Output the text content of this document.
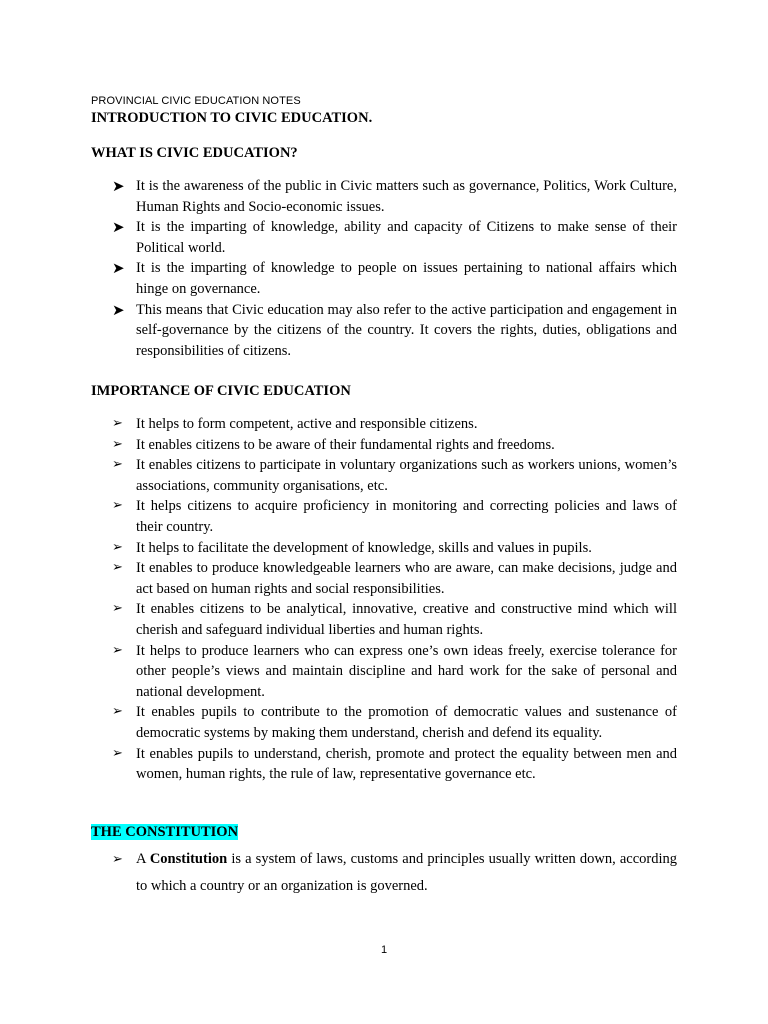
PROVINCIAL CIVIC EDUCATION NOTES
INTRODUCTION TO CIVIC EDUCATION.
WHAT IS CIVIC EDUCATION?
➤ It is the awareness of the public in Civic matters such as governance, Politics, Work Culture, Human Rights and Socio-economic issues.
➤ It is the imparting of knowledge, ability and capacity of Citizens to make sense of their Political world.
➤ It is the imparting of knowledge to people on issues pertaining to national affairs which hinge on governance.
➤ This means that Civic education may also refer to the active participation and engagement in self-governance by the citizens of the country. It covers the rights, duties, obligations and responsibilities of citizens.
IMPORTANCE OF CIVIC EDUCATION
➢ It helps to form competent, active and responsible citizens.
➢ It enables citizens to be aware of their fundamental rights and freedoms.
➢ It enables citizens to participate in voluntary organizations such as workers unions, women’s associations, community organisations, etc.
➢ It helps citizens to acquire proficiency in monitoring and correcting policies and laws of their country.
➢ It helps to facilitate the development of knowledge, skills and values in pupils.
➢ It enables to produce knowledgeable learners who are aware, can make decisions, judge and act based on human rights and social responsibilities.
➢ It enables citizens to be analytical, innovative, creative and constructive mind which will cherish and safeguard individual liberties and human rights.
➢ It helps to produce learners who can express one’s own ideas freely, exercise tolerance for other people’s views and maintain discipline and hard work for the sake of personal and national development.
➢ It enables pupils to contribute to the promotion of democratic values and sustenance of democratic systems by making them understand, cherish and defend its equality.
➢ It enables pupils to understand, cherish, promote and protect the equality between men and women, human rights, the rule of law, representative governance etc.
THE CONSTITUTION
➢ A Constitution is a system of laws, customs and principles usually written down, according to which a country or an organization is governed.
1
